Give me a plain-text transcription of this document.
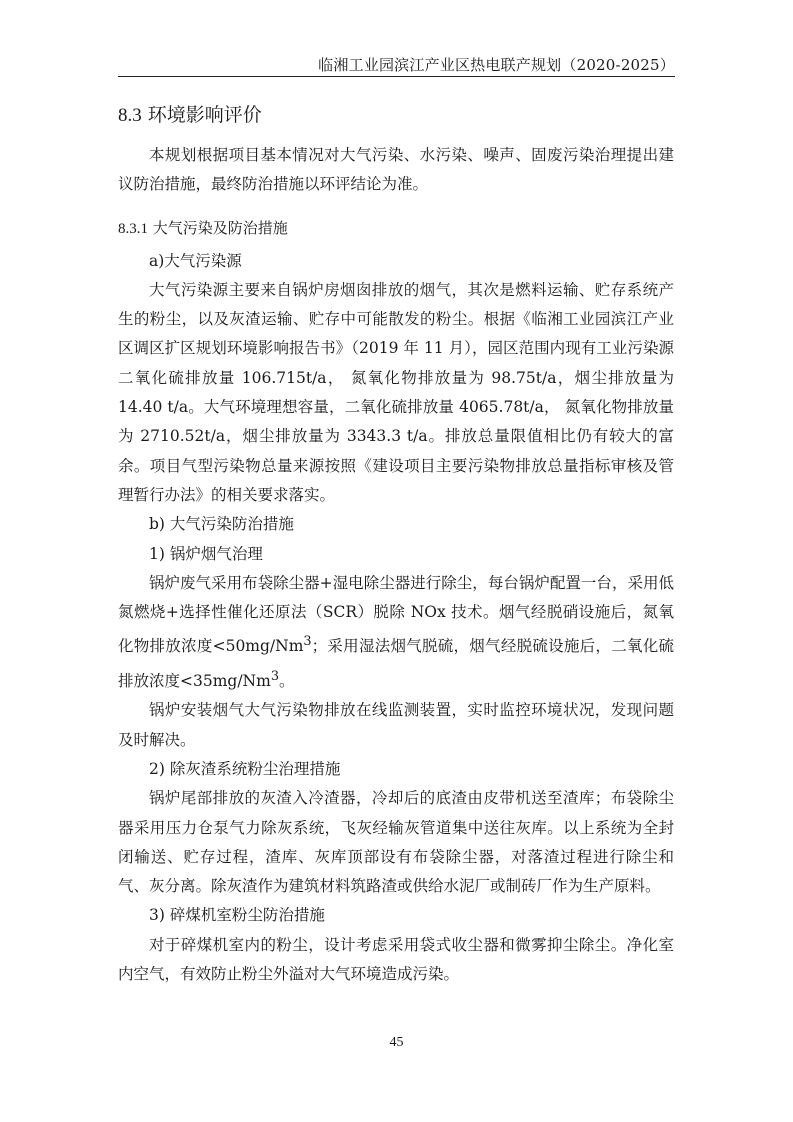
临湘工业园滨江产业区热电联产规划（2020-2025）
8.3 环境影响评价

本规划根据项目基本情况对大气污染、水污染、噪声、固废污染治理提出建议防治措施，最终防治措施以环评结论为准。

8.3.1 大气污染及防治措施

a)大气污染源

大气污染源主要来自锅炉房烟囱排放的烟气，其次是燃料运输、贮存系统产生的粉尘，以及灰渣运输、贮存中可能散发的粉尘。根据《临湘工业园滨江产业区调区扩区规划环境影响报告书》（2019 年 11 月），园区范围内现有工业污染源二氧化硫排放量 106.715t/a， 氮氧化物排放量为 98.75t/a，烟尘排放量为 14.40 t/a。大气环境理想容量，二氧化硫排放量 4065.78t/a， 氮氧化物排放量为 2710.52t/a，烟尘排放量为 3343.3 t/a。排放总量限值相比仍有较大的富余。项目气型污染物总量来源按照《建设项目主要污染物排放总量指标审核及管理暂行办法》的相关要求落实。

b) 大气污染防治措施

1) 锅炉烟气治理

锅炉废气采用布袋除尘器+湿电除尘器进行除尘，每台锅炉配置一台，采用低氮燃烧+选择性催化还原法（SCR）脱除 NOx 技术。烟气经脱硝设施后，氮氧化物排放浓度$<50mg/Nm^3$；采用湿法烟气脱硫，烟气经脱硫设施后，二氧化硫排放浓度$<35mg/Nm^3$。

锅炉安装烟气大气污染物排放在线监测装置，实时监控环境状况，发现问题及时解决。

2) 除灰渣系统粉尘治理措施

锅炉尾部排放的灰渣入冷渣器，冷却后的底渣由皮带机送至渣库；布袋除尘器采用压力仓泵气力除灰系统，飞灰经输灰管道集中送往灰库。以上系统为全封闭输送、贮存过程，渣库、灰库顶部设有布袋除尘器，对落渣过程进行除尘和气、灰分离。除灰渣作为建筑材料筑路渣或供给水泥厂或制砖厂作为生产原料。

3) 碎煤机室粉尘防治措施

对于碎煤机室内的粉尘，设计考虑采用袋式收尘器和微雾抑尘除尘。净化室内空气，有效防止粉尘外溢对大气环境造成污染。

45
